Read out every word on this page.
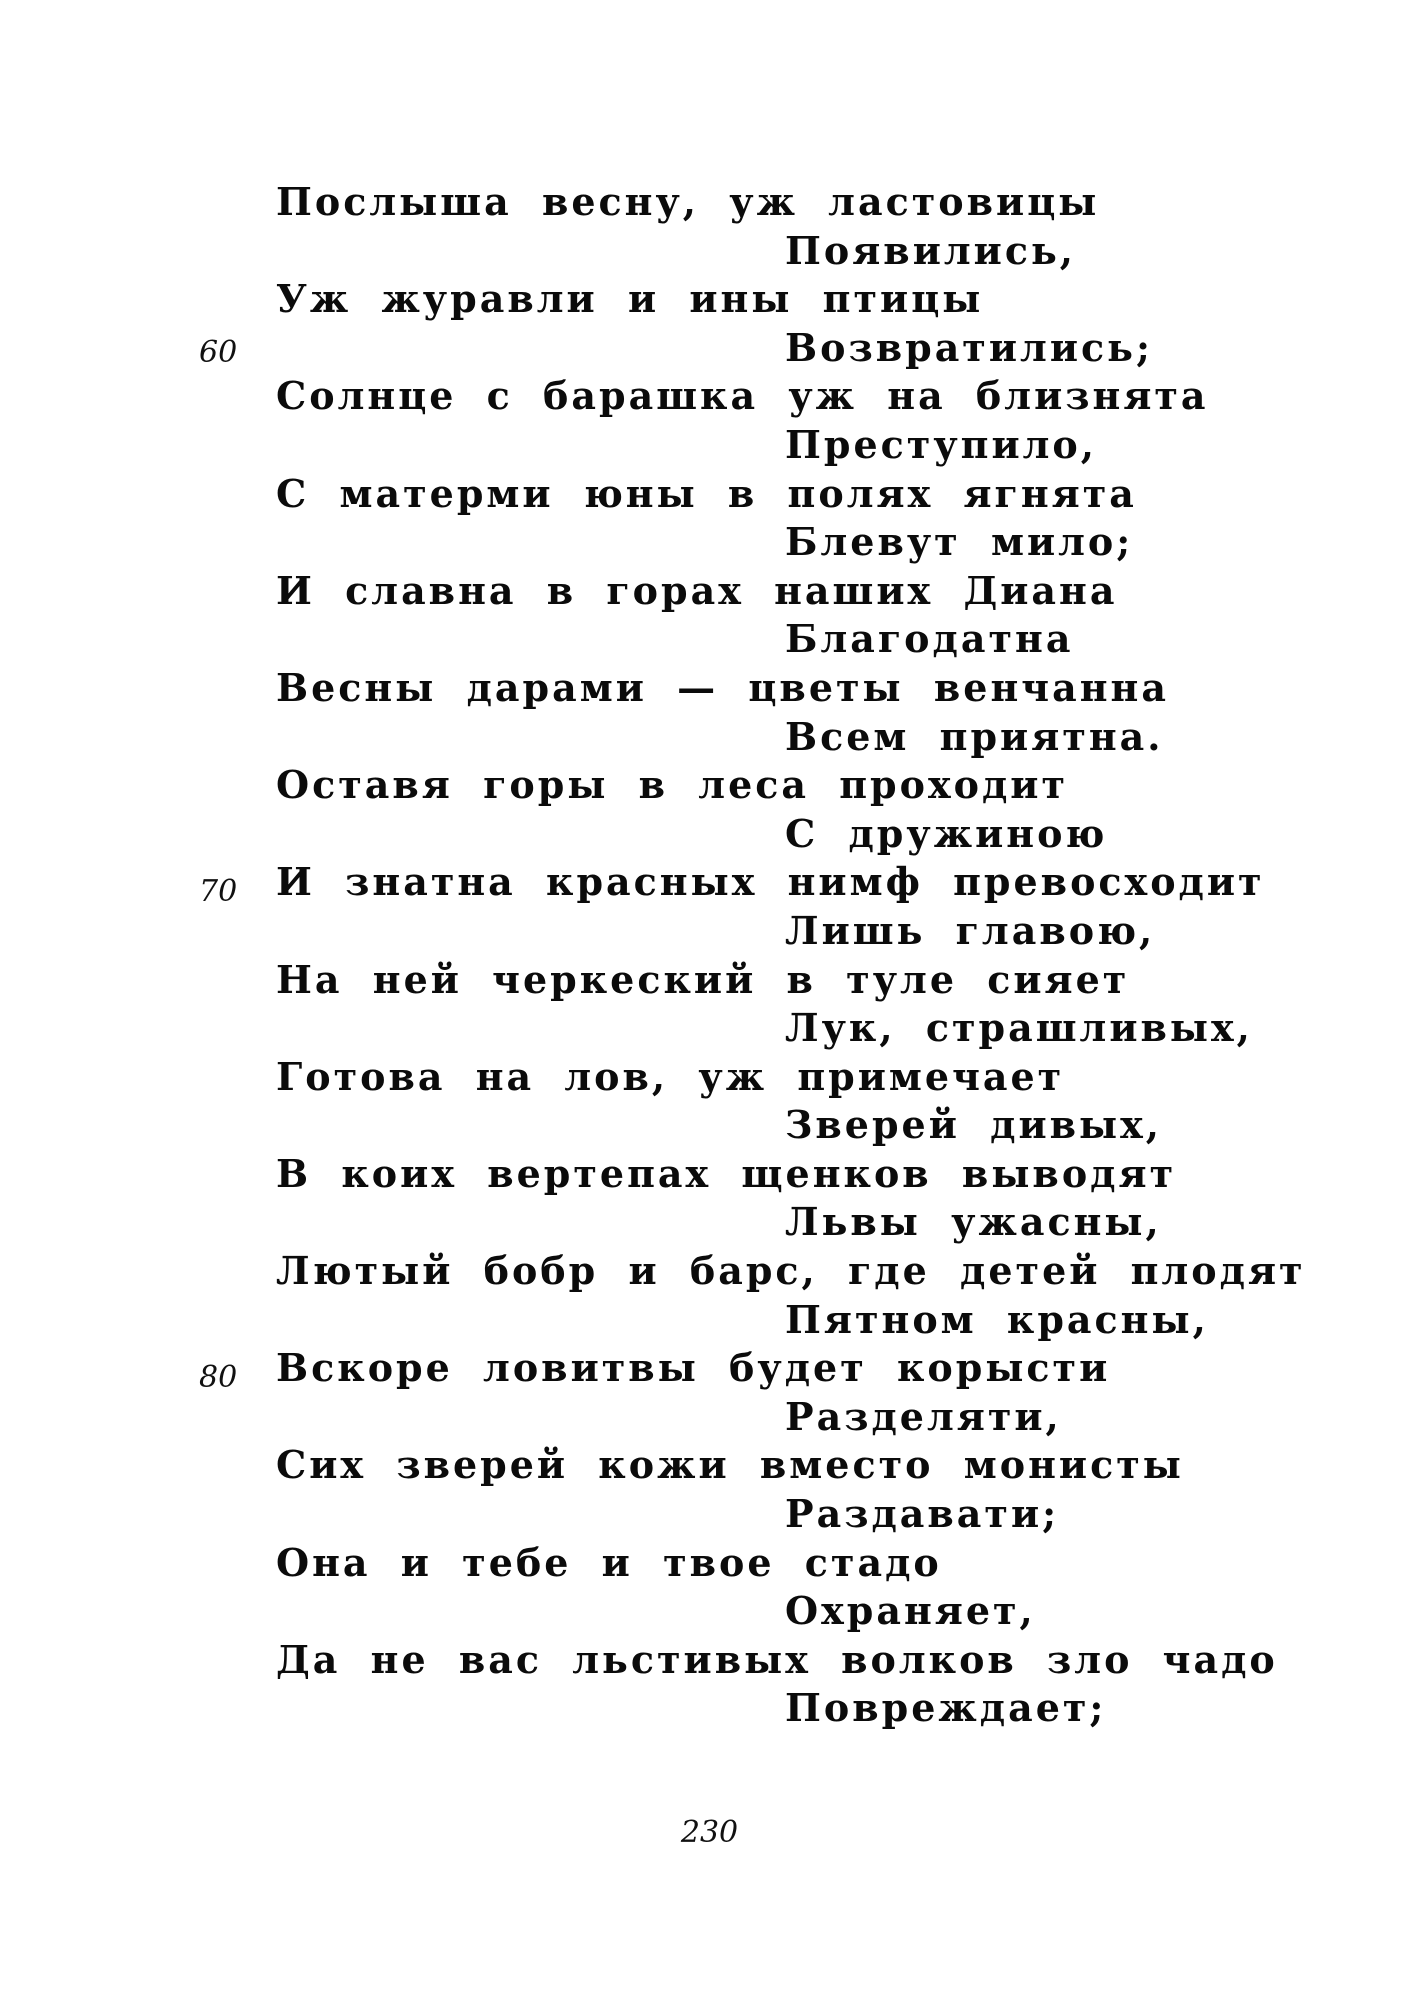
60
70
80
Послыша весну, уж ластовицы
Появились,
Уж журавли и ины птицы
Возвратились;
Солнце с барашка уж на близнята
Преступило,
С матерми юны в полях ягнята
Блевут мило;
И славна в горах наших Диана
Благодатна
Весны дарами — цветы венчанна
Всем приятна.
Оставя горы в леса проходит
С дружиною
И знатна красных нимф превосходит
Лишь главою,
На ней черкеский в туле сияет
Лук, страшливых,
Готова на лов, уж примечает
Зверей дивых,
В коих вертепах щенков выводят
Львы ужасны,
Лютый бобр и барс, где детей плодят
Пятном красны,
Вскоре ловитвы будет корысти
Разделяти,
Сих зверей кожи вместо монисты
Раздавати;
Она и тебе и твое стадо
Охраняет,
Да не вас льстивых волков зло чадо
Повреждает;
230
